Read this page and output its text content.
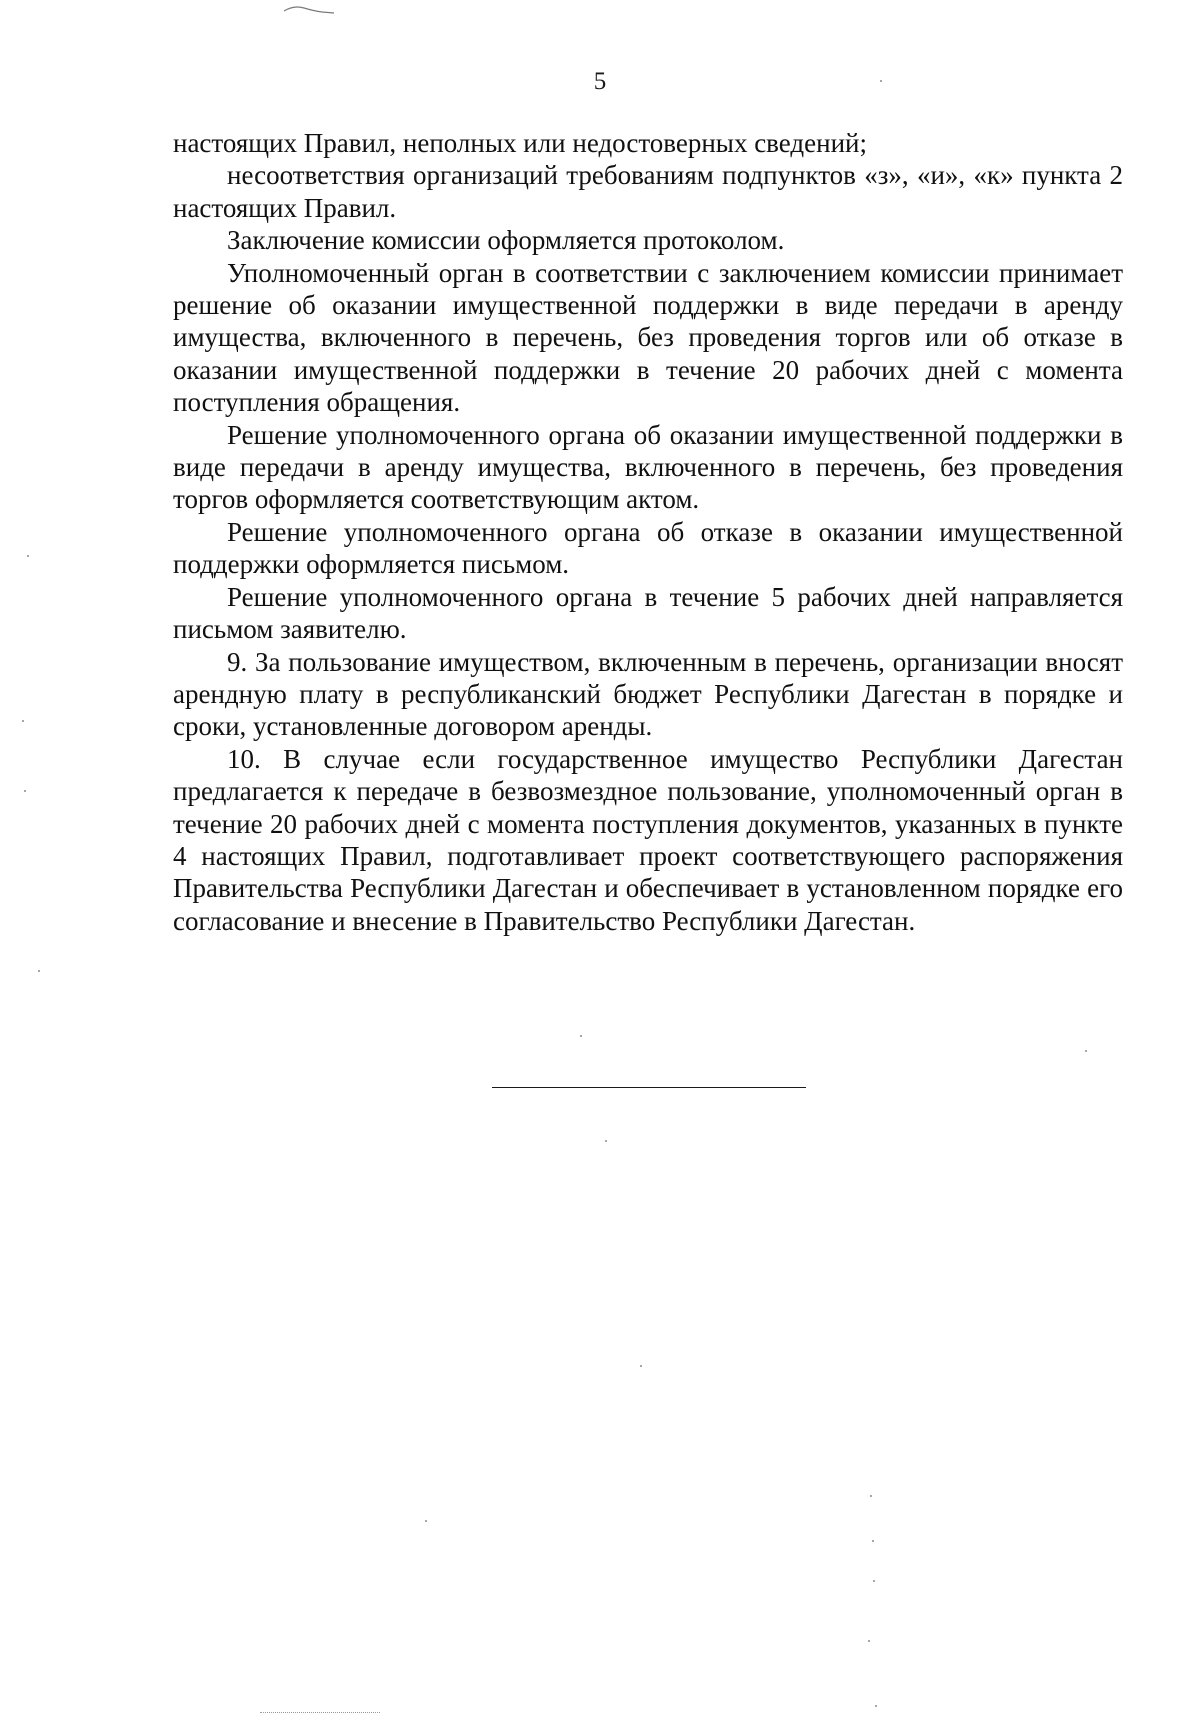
5

настоящих Правил, неполных или недостоверных сведений;

несоответствия организаций требованиям подпунктов «з», «и», «к» пункта 2 настоящих Правил.

Заключение комиссии оформляется протоколом.

Уполномоченный орган в соответствии с заключением комиссии принимает решение об оказании имущественной поддержки в виде передачи в аренду имущества, включенного в перечень, без проведения торгов или об отказе в оказании имущественной поддержки в течение 20 рабочих дней с момента поступления обращения.

Решение уполномоченного органа об оказании имущественной поддержки в виде передачи в аренду имущества, включенного в перечень, без проведения торгов оформляется соответствующим актом.

Решение уполномоченного органа об отказе в оказании имущественной поддержки оформляется письмом.

Решение уполномоченного органа в течение 5 рабочих дней направляется письмом заявителю.

9. За пользование имуществом, включенным в перечень, организации вносят арендную плату в республиканский бюджет Республики Дагестан в порядке и сроки, установленные договором аренды.

10. В случае если государственное имущество Республики Дагестан предлагается к передаче в безвозмездное пользование, уполномоченный орган в течение 20 рабочих дней с момента поступления документов, указанных в пункте 4 настоящих Правил, подготавливает проект соответствующего распоряжения Правительства Республики Дагестан и обеспечивает в установленном порядке его согласование и внесение в Правительство Республики Дагестан.
